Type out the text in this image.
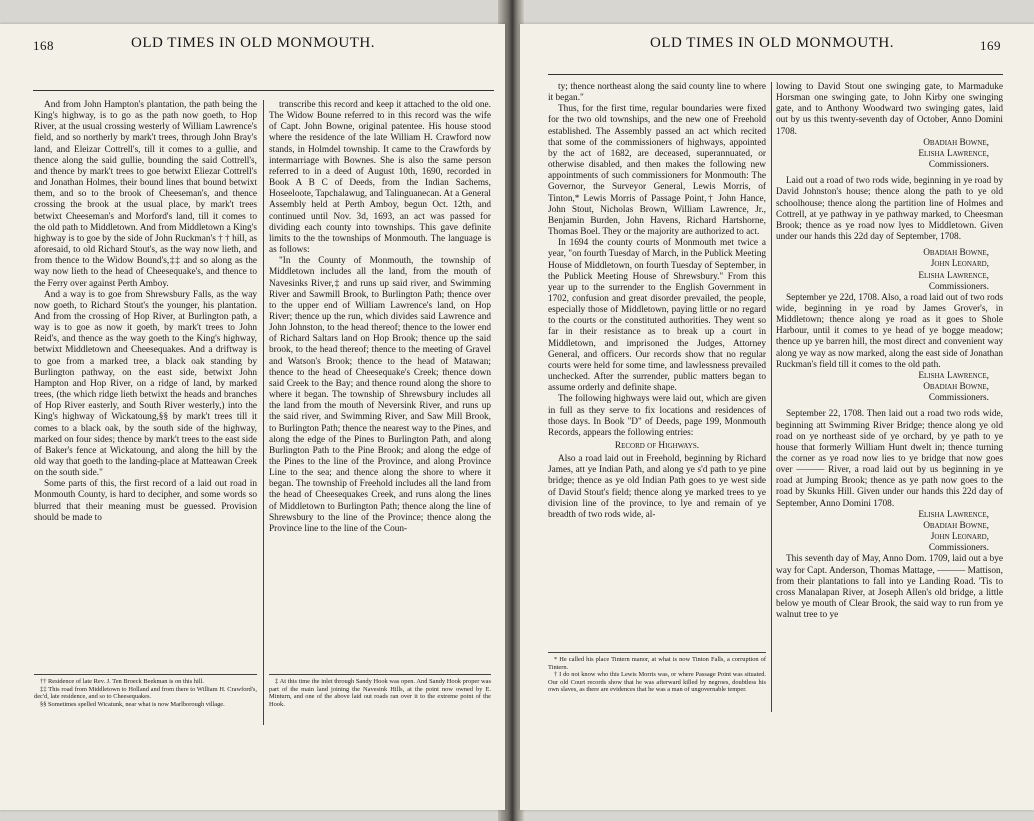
168	OLD TIMES IN OLD MONMOUTH.

And from John Hampton's plantation, the path being the King's highway, is to go as the path now goeth, to Hop River, at the usual crossing westerly of William Lawrence's field, and so northerly by mark't trees, through John Bray's land, and Eleizar Cottrell's, till it comes to a gullie, and thence along the said gullie, bounding the said Cottrell's, and thence by mark't trees to goe betwixt Eliezar Cottrell's and Jonathan Holmes, their bound lines that bound betwixt them, and so to the brook of Cheeseman's, and thence crossing the brook at the usual place, by mark't trees betwixt Cheeseman's and Morford's land, till it comes to the old path to Middletown. And from Middletown a King's highway is to goe by the side of John Ruckman's † † hill, as aforesaid, to old Richard Stout's, as the way now lieth, and from thence to the Widow Bound's,‡‡ and so along as the way now lieth to the head of Cheesequake's, and thence to the Ferry over against Perth Amboy.

And a way is to goe from Shrewsbury Falls, as the way now goeth, to Richard Stout's the younger, his plantation. And from the crossing of Hop River, at Burlington path, a way is to goe as now it goeth, by mark't trees to John Reid's, and thence as the way goeth to the King's highway, betwixt Middletown and Cheesequakes. And a driftway is to goe from a marked tree, a black oak standing by Burlington pathway, on the east side, betwixt John Hampton and Hop River, on a ridge of land, by marked trees, (the which ridge lieth betwixt the heads and branches of Hop River easterly, and South River westerly,) into the King's highway of Wickatoung,§§ by mark't trees till it comes to a black oak, by the south side of the highway, marked on four sides; thence by mark't trees to the east side of Baker's fence at Wickatoung, and along the hill by the old way that goeth to the landing-place at Matteawan Creek on the south side."

Some parts of this, the first record of a laid out road in Monmouth County, is hard to decipher, and some words so blurred that their meaning must be guessed. Provision should be made to

transcribe this record and keep it attached to the old one. The Widow Boune referred to in this record was the wife of Capt. John Bowne, original patentee. His house stood where the residence of the late William H. Crawford now stands, in Holmdel township. It came to the Crawfords by intermarriage with Bownes. She is also the same person referred to in a deed of August 10th, 1690, recorded in Book A B C of Deeds, from the Indian Sachems, Hoseeloote, Tapchalawug, and Talinguanecan. At a General Assembly held at Perth Amboy, begun Oct. 12th, and continued until Nov. 3d, 1693, an act was passed for dividing each county into townships. This gave definite limits to the the townships of Monmouth. The language is as follows:

"In the County of Monmouth, the township of Middletown includes all the land, from the mouth of Navesinks River,‡ and runs up said river, and Swimming River and Sawmill Brook, to Burlington Path; thence over to the upper end of William Lawrence's land, on Hop River; thence up the run, which divides said Lawrence and John Johnston, to the head thereof; thence to the lower end of Richard Saltars land on Hop Brook; thence up the said brook, to the head thereof; thence to the meeting of Gravel and Watson's Brook; thence to the head of Matawan; thence to the head of Cheesequake's Creek; thence down said Creek to the Bay; and thence round along the shore to where it began. The township of Shrewsbury includes all the land from the mouth of Neversink River, and runs up the said river, and Swimming River, and Saw Mill Brook, to Burlington Path; thence the nearest way to the Pines, and along the edge of the Pines to Burlington Path, and along Burlington Path to the Pine Brook; and along the edge of the Pines to the line of the Province, and along Province Line to the sea; and thence along the shore to where it began. The township of Freehold includes all the land from the head of Cheesequakes Creek, and runs along the lines of Middletown to Burlington Path; thence along the line of Shrewsbury to the line of the Province; thence along the Province line to the line of the Coun-

†† Residence of late Rev. J. Ten Broeck Beekman is on this hill.

‡‡ This road from Middletown to Holland and from there to William H. Crawford's, dec'd, late residence, and so to Cheesequakes.

§§ Sometimes spelled Wicatunk, near what is now Marlborough village.

‡ At this time the inlet through Sandy Hook was open. And Sandy Hook proper was part of the main land joining the Navesink Hills, at the point now owned by E. Minturn, and one of the above laid out roads ran over it to the extreme point of the Hook.

OLD TIMES IN OLD MONMOUTH.	169

ty; thence northeast along the said county line to where it began."

Thus, for the first time, regular boundaries were fixed for the two old townships, and the new one of Freehold established. The Assembly passed an act which recited that some of the commissioners of highways, appointed by the act of 1682, are deceased, superannuated, or otherwise disabled, and then makes the following new appointments of such commissioners for Monmouth: The Governor, the Surveyor General, Lewis Morris, of Tinton,* Lewis Morris of Passage Point,† John Hance, John Stout, Nicholas Brown, William Lawrence, Jr., Benjamin Burden, John Havens, Richard Hartshorne, Thomas Boel. They or the majority are authorized to act.

In 1694 the county courts of Monmouth met twice a year, "on fourth Tuesday of March, in the Publick Meeting House of Middletown, on fourth Tuesday of September, in the Publick Meeting House of Shrewsbury." From this year up to the surrender to the English Government in 1702, confusion and great disorder prevailed, the people, especially those of Middletown, paying little or no regard to the courts or the constituted authorities. They went so far in their resistance as to break up a court in Middletown, and imprisoned the Judges, Attorney General, and officers. Our records show that no regular courts were held for some time, and lawlessness prevailed unchecked. After the surrender, public matters began to assume orderly and definite shape.

The following highways were laid out, which are given in full as they serve to fix locations and residences of those days. In Book "D" of Deeds, page 199, Monmouth Records, appears the following entries:

Record of Highways.

Also a road laid out in Freehold, beginning by Richard James, att ye Indian Path, and along ye s'd path to ye pine bridge; thence as ye old Indian Path goes to ye west side of David Stout's field; thence along ye marked trees to ye division line of the province, to lye and remain of ye breadth of two rods wide, al-

lowing to David Stout one swinging gate, to Marmaduke Horsman one swinging gate, to John Kirby one swinging gate, and to Anthony Woodward two swinging gates, laid out by us this twenty-seventh day of October, Anno Domini 1708.

Obadiah Bowne,

Elisha Lawrence,

Commissioners.

Laid out a road of two rods wide, beginning in ye road by David Johnston's house; thence along the path to ye old schoolhouse; thence along the partition line of Holmes and Cottrell, at ye pathway in ye pathway marked, to Cheesman Brook; thence as ye road now lyes to Middletown. Given under our hands this 22d day of September, 1708.

Obadiah Bowne,

John Leonard,

Elisha Lawrence,

Commissioners.

September ye 22d, 1708. Also, a road laid out of two rods wide, beginning in ye road by James Grover's, in Middletown; thence along ye road as it goes to Shole Harbour, until it comes to ye head of ye bogge meadow; thence up ye barren hill, the most direct and convenient way along ye way as now marked, along the east side of Jonathan Ruckman's field till it comes to the old path.

Elisha Lawrence,

Obadiah Bowne,

Commissioners.

September 22, 1708. Then laid out a road two rods wide, beginning att Swimming River Bridge; thence along ye old road on ye northeast side of ye orchard, by ye path to ye house that formerly William Hunt dwelt in; thence turning the corner as ye road now lies to ye bridge that now goes over ——— River, a road laid out by us beginning in ye road at Jumping Brook; thence as ye path now goes to the road by Skunks Hill. Given under our hands this 22d day of September, Anno Domini 1708.

Elisha Lawrence,

Obadiah Bowne,

John Leonard,

Commissioners.

This seventh day of May, Anno Dom. 1709, laid out a bye way for Capt. Anderson, Thomas Mattage, ——— Mattison, from their plantations to fall into ye Landing Road. 'Tis to cross Manalapan River, at Joseph Allen's old bridge, a little below ye mouth of Clear Brook, the said way to run from ye walnut tree to ye

* He called his place Tintern manor, at what is now Tinton Falls, a corruption of Tintern.

† I do not know who this Lewis Morris was, or where Passage Point was situated. Our old Court records show that he was afterward killed by negroes, doubtless his own slaves, as there are evidences that he was a man of ungovernable temper.
